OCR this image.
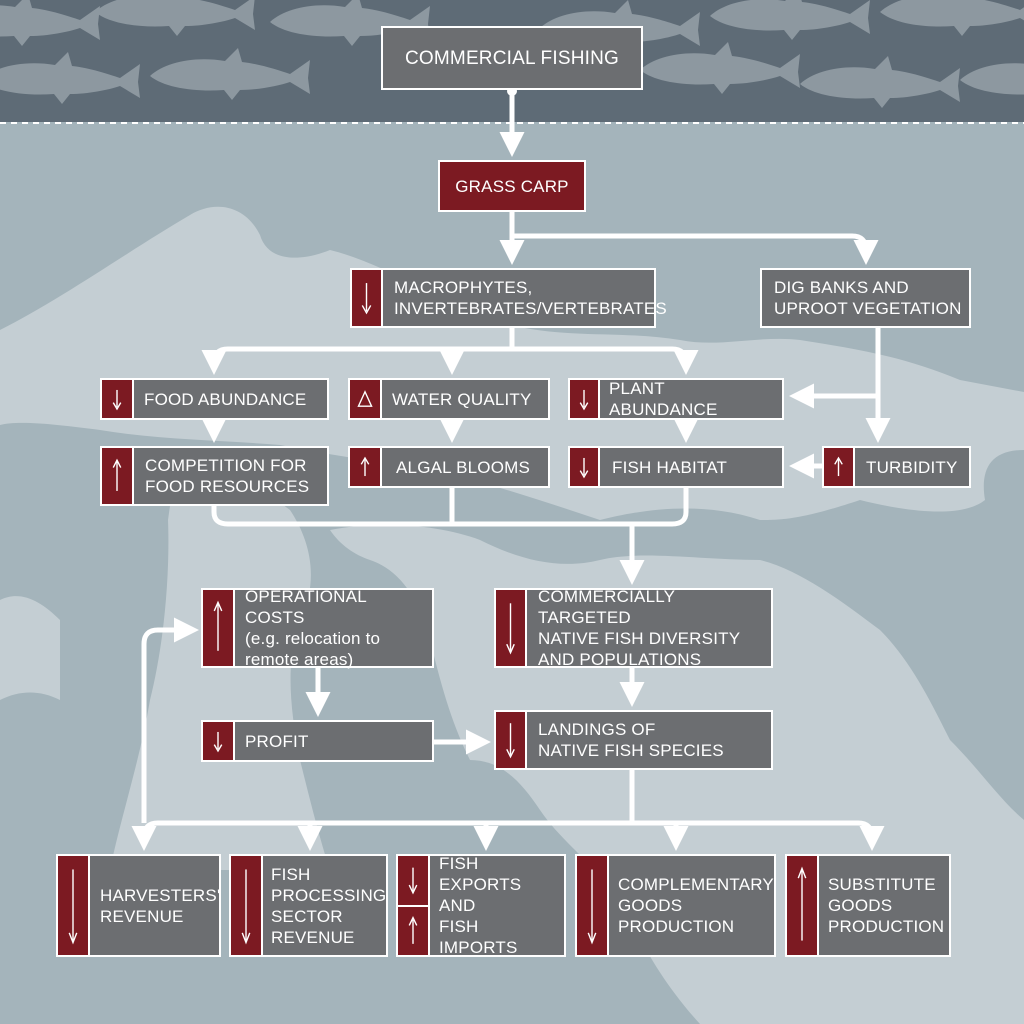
COMMERCIAL FISHING
GRASS CARP
MACROPHYTES,
INVERTEBRATES/VERTEBRATES
DIG BANKS AND
UPROOT VEGETATION
FOOD ABUNDANCE	WATER QUALITY
PLANT ABUNDANCE
COMPETITION FOR
FOOD RESOURCES
ALGAL BLOOMS	FISH HABITAT	TURBIDITY
OPERATIONAL COSTS
(e.g. relocation to
remote areas)
COMMERCIALLY TARGETED
NATIVE FISH DIVERSITY
AND POPULATIONS
PROFIT
LANDINGS OF
NATIVE FISH SPECIES
HARVESTERS'
REVENUE
FISH
PROCESSING
SECTOR
REVENUE
FISH EXPORTS
AND
FISH IMPORTS
COMPLEMENTARY
GOODS
PRODUCTION
SUBSTITUTE
GOODS
PRODUCTION
